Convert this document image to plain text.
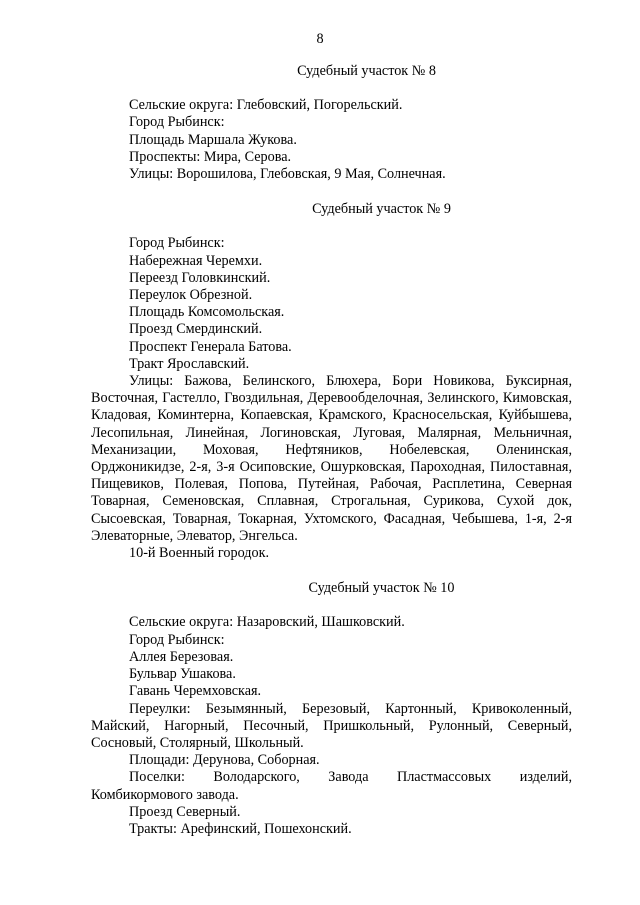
8
Судебный участок № 8
Сельские округа: Глебовский, Погорельский.
Город Рыбинск:
Площадь Маршала Жукова.
Проспекты: Мира, Серова.
Улицы: Ворошилова, Глебовская, 9 Мая, Солнечная.
Судебный участок № 9
Город Рыбинск:
Набережная Черемхи.
Переезд Головкинский.
Переулок Обрезной.
Площадь Комсомольская.
Проезд Смердинский.
Проспект Генерала Батова.
Тракт Ярославский.
Улицы: Бажова, Белинского, Блюхера, Бори Новикова, Буксирная, Восточная, Гастелло, Гвоздильная, Деревообделочная, Зелинского, Кимовская, Кладовая, Коминтерна, Копаевская, Крамского, Красносельская, Куйбышева, Лесопильная, Линейная, Логиновская, Луговая, Малярная, Мельничная, Механизации, Моховая, Нефтяников, Нобелевская, Оленинская, Орджоникидзе, 2-я, 3-я Осиповские, Ошурковская, Пароходная, Пилоставная, Пищевиков, Полевая, Попова, Путейная, Рабочая, Расплетина, Северная Товарная, Семеновская, Сплавная, Строгальная, Сурикова, Сухой док, Сысоевская, Товарная, Токарная, Ухтомского, Фасадная, Чебышева, 1-я, 2-я Элеваторные, Элеватор, Энгельса.
10-й Военный городок.
Судебный участок № 10
Сельские округа: Назаровский, Шашковский.
Город Рыбинск:
Аллея Березовая.
Бульвар Ушакова.
Гавань Черемховская.
Переулки: Безымянный, Березовый, Картонный, Кривоколенный, Майский, Нагорный, Песочный, Пришкольный, Рулонный, Северный, Сосновый, Столярный, Школьный.
Площади: Дерунова, Соборная.
Поселки: Володарского, Завода Пластмассовых изделий, Комбикормового завода.
Проезд Северный.
Тракты: Арефинский, Пошехонский.
